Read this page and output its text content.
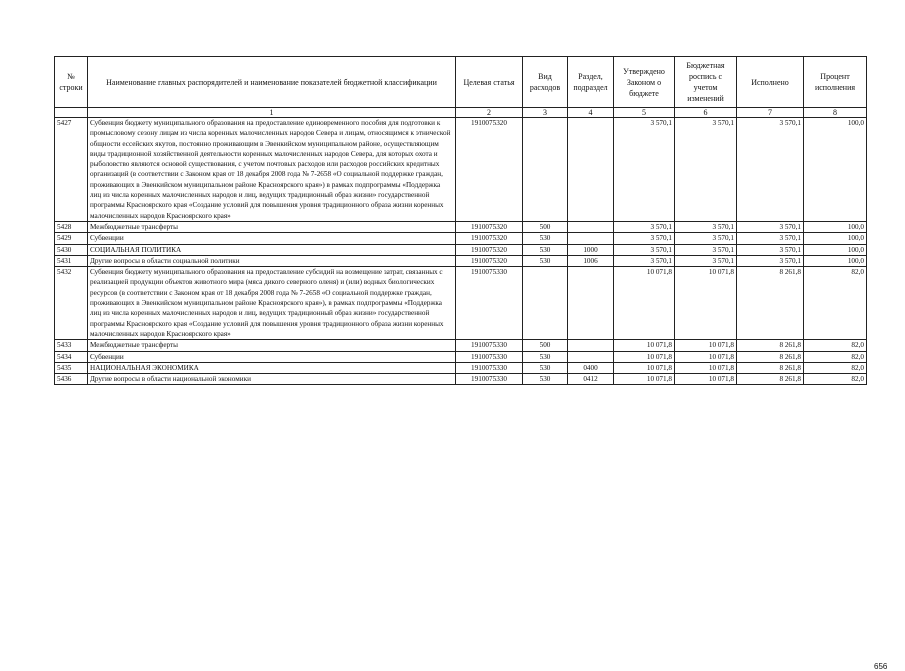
№ строки	Наименование главных распорядителей и наименование показателей бюджетной классификации	Целевая статья	Вид расходов	Раздел, подраздел	Утверждено Законом о бюджете	Бюджетная роспись с учетом изменений	Исполнено	Процент исполнения
	1	2	3	4	5	6	7	8
5427	Субвенция бюджету муниципального образования на предоставление единовременного пособия для подготовки к промысловому сезону лицам из числа коренных малочисленных народов Севера и лицам, относящимся к этнической общности ессейских якутов, постоянно проживающим в Эвенкийском муниципальном районе, осуществляющим виды традиционной хозяйственной деятельности коренных малочисленных народов Севера, для которых охота и рыболовство являются основой существования, с учетом почтовых расходов или расходов российских кредитных организаций (в соответствии с Законом края от 18 декабря 2008 года № 7-2658 «О социальной поддержке граждан, проживающих в Эвенкийском муниципальном районе Красноярского края») в рамках подпрограммы «Поддержка лиц из числа коренных малочисленных народов и лиц, ведущих традиционный образ жизни» государственной программы Красноярского края «Создание условий для повышения уровня традиционного образа жизни коренных малочисленных народов Красноярского края»	1910075320			3 570,1	3 570,1	3 570,1	100,0
5428	Межбюджетные трансферты	1910075320	500		3 570,1	3 570,1	3 570,1	100,0
5429	Субвенции	1910075320	530		3 570,1	3 570,1	3 570,1	100,0
5430	СОЦИАЛЬНАЯ ПОЛИТИКА	1910075320	530	1000	3 570,1	3 570,1	3 570,1	100,0
5431	Другие вопросы в области социальной политики	1910075320	530	1006	3 570,1	3 570,1	3 570,1	100,0
5432	Субвенция бюджету муниципального образования на предоставление субсидий на возмещение затрат, связанных с реализацией продукции объектов животного мира (мяса дикого северного оленя) и (или) водных биологических ресурсов (в соответствии с Законом края от 18 декабря 2008 года № 7-2658 «О социальной поддержке граждан, проживающих в Эвенкийском муниципальном районе Красноярского края»), в рамках подпрограммы «Поддержка лиц из числа коренных малочисленных народов и лиц, ведущих традиционный образ жизни» государственной программы Красноярского края «Создание условий для повышения уровня традиционного образа жизни коренных малочисленных народов Красноярского края»	1910075330			10 071,8	10 071,8	8 261,8	82,0
5433	Межбюджетные трансферты	1910075330	500		10 071,8	10 071,8	8 261,8	82,0
5434	Субвенции	1910075330	530		10 071,8	10 071,8	8 261,8	82,0
5435	НАЦИОНАЛЬНАЯ ЭКОНОМИКА	1910075330	530	0400	10 071,8	10 071,8	8 261,8	82,0
5436	Другие вопросы в области национальной экономики	1910075330	530	0412	10 071,8	10 071,8	8 261,8	82,0
656
